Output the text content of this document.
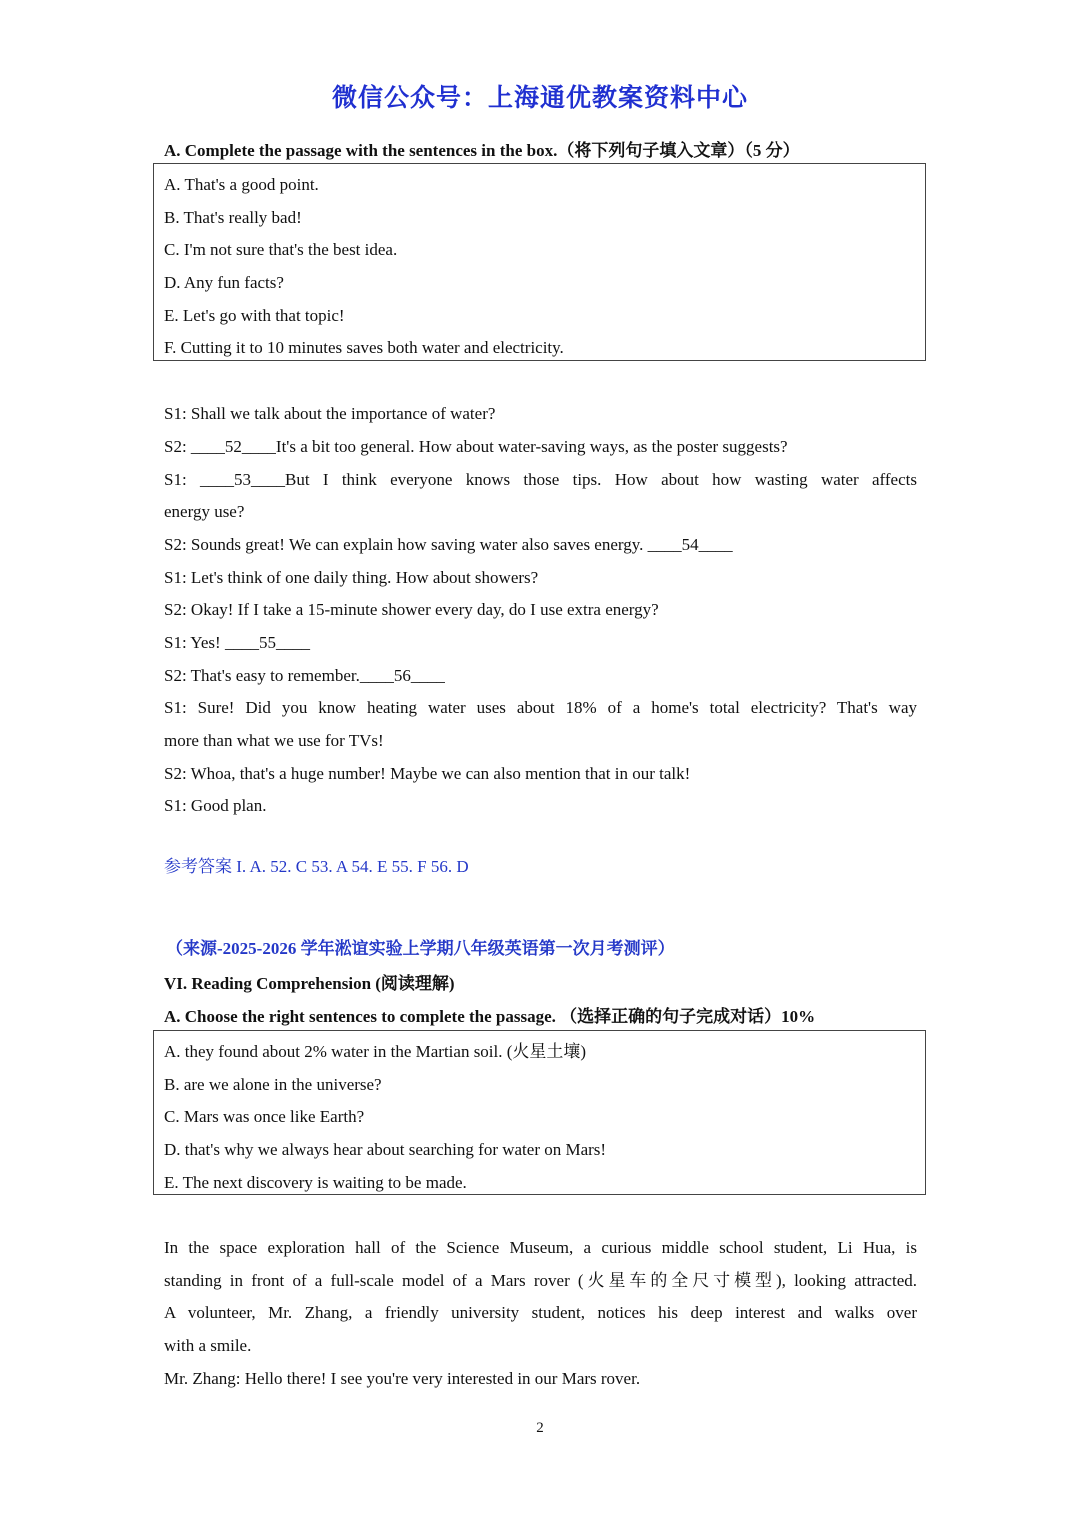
微信公众号：上海通优教案资料中心
A. Complete the passage with the sentences in the box.（将下列句子填入文章）（5 分）
A. That's a good point.
B. That's really bad!
C. I'm not sure that's the best idea.
D. Any fun facts?
E. Let's go with that topic!
F. Cutting it to 10 minutes saves both water and electricity.
S1: Shall we talk about the importance of water?
S2: ____52____It's a bit too general. How about water-saving ways, as the poster suggests?
S1: ____53____But I think everyone knows those tips. How about how wasting water affects
energy use?
S2: Sounds great! We can explain how saving water also saves energy. ____54____
S1: Let's think of one daily thing. How about showers?
S2: Okay! If I take a 15-minute shower every day, do I use extra energy?
S1: Yes! ____55____
S2: That's easy to remember.____56____
S1: Sure! Did you know heating water uses about 18% of a home's total electricity? That's way
more than what we use for TVs!
S2: Whoa, that's a huge number! Maybe we can also mention that in our talk!
S1: Good plan.
参考答案 I. A. 52. C 53. A 54. E 55. F 56. D
（来源-2025-2026 学年淞谊实验上学期八年级英语第一次月考测评）
VI. Reading Comprehension (阅读理解)
A. Choose the right sentences to complete the passage. （选择正确的句子完成对话）10%
A. they found about 2% water in the Martian soil. (火星土壤)
B. are we alone in the universe?
C. Mars was once like Earth?
D. that's why we always hear about searching for water on Mars!
E. The next discovery is waiting to be made.
In the space exploration hall of the Science Museum, a curious middle school student, Li Hua, is
standing in front of a full-scale model of a Mars rover (火星车的全尺寸模型), looking attracted.
A volunteer, Mr. Zhang, a friendly university student, notices his deep interest and walks over
with a smile.
Mr. Zhang: Hello there! I see you're very interested in our Mars rover.
2
